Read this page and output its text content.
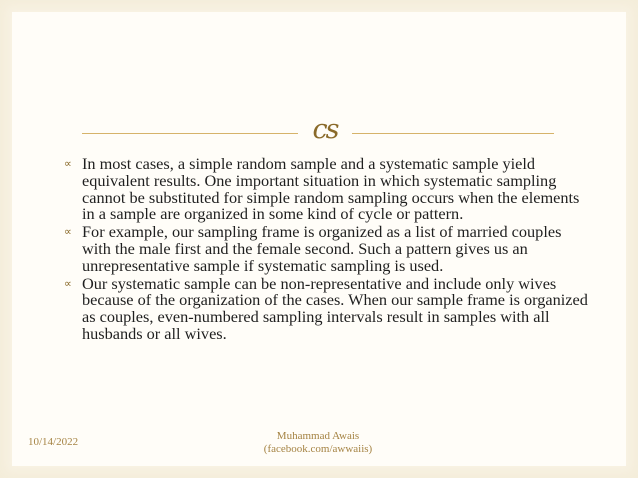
cs
∝ In most cases, a simple random sample and a systematic sample yield equivalent results. One important situation in which systematic sampling cannot be substituted for simple random sampling occurs when the elements in a sample are organized in some kind of cycle or pattern.
∝ For example, our sampling frame is organized as a list of married couples with the male first and the female second. Such a pattern gives us an unrepresentative sample if systematic sampling is used.
∝ Our systematic sample can be non-representative and include only wives because of the organization of the cases. When our sample frame is organized as couples, even-numbered sampling intervals result in samples with all husbands or all wives.
10/14/2022	Muhammad Awais
(facebook.com/awwaiis)
